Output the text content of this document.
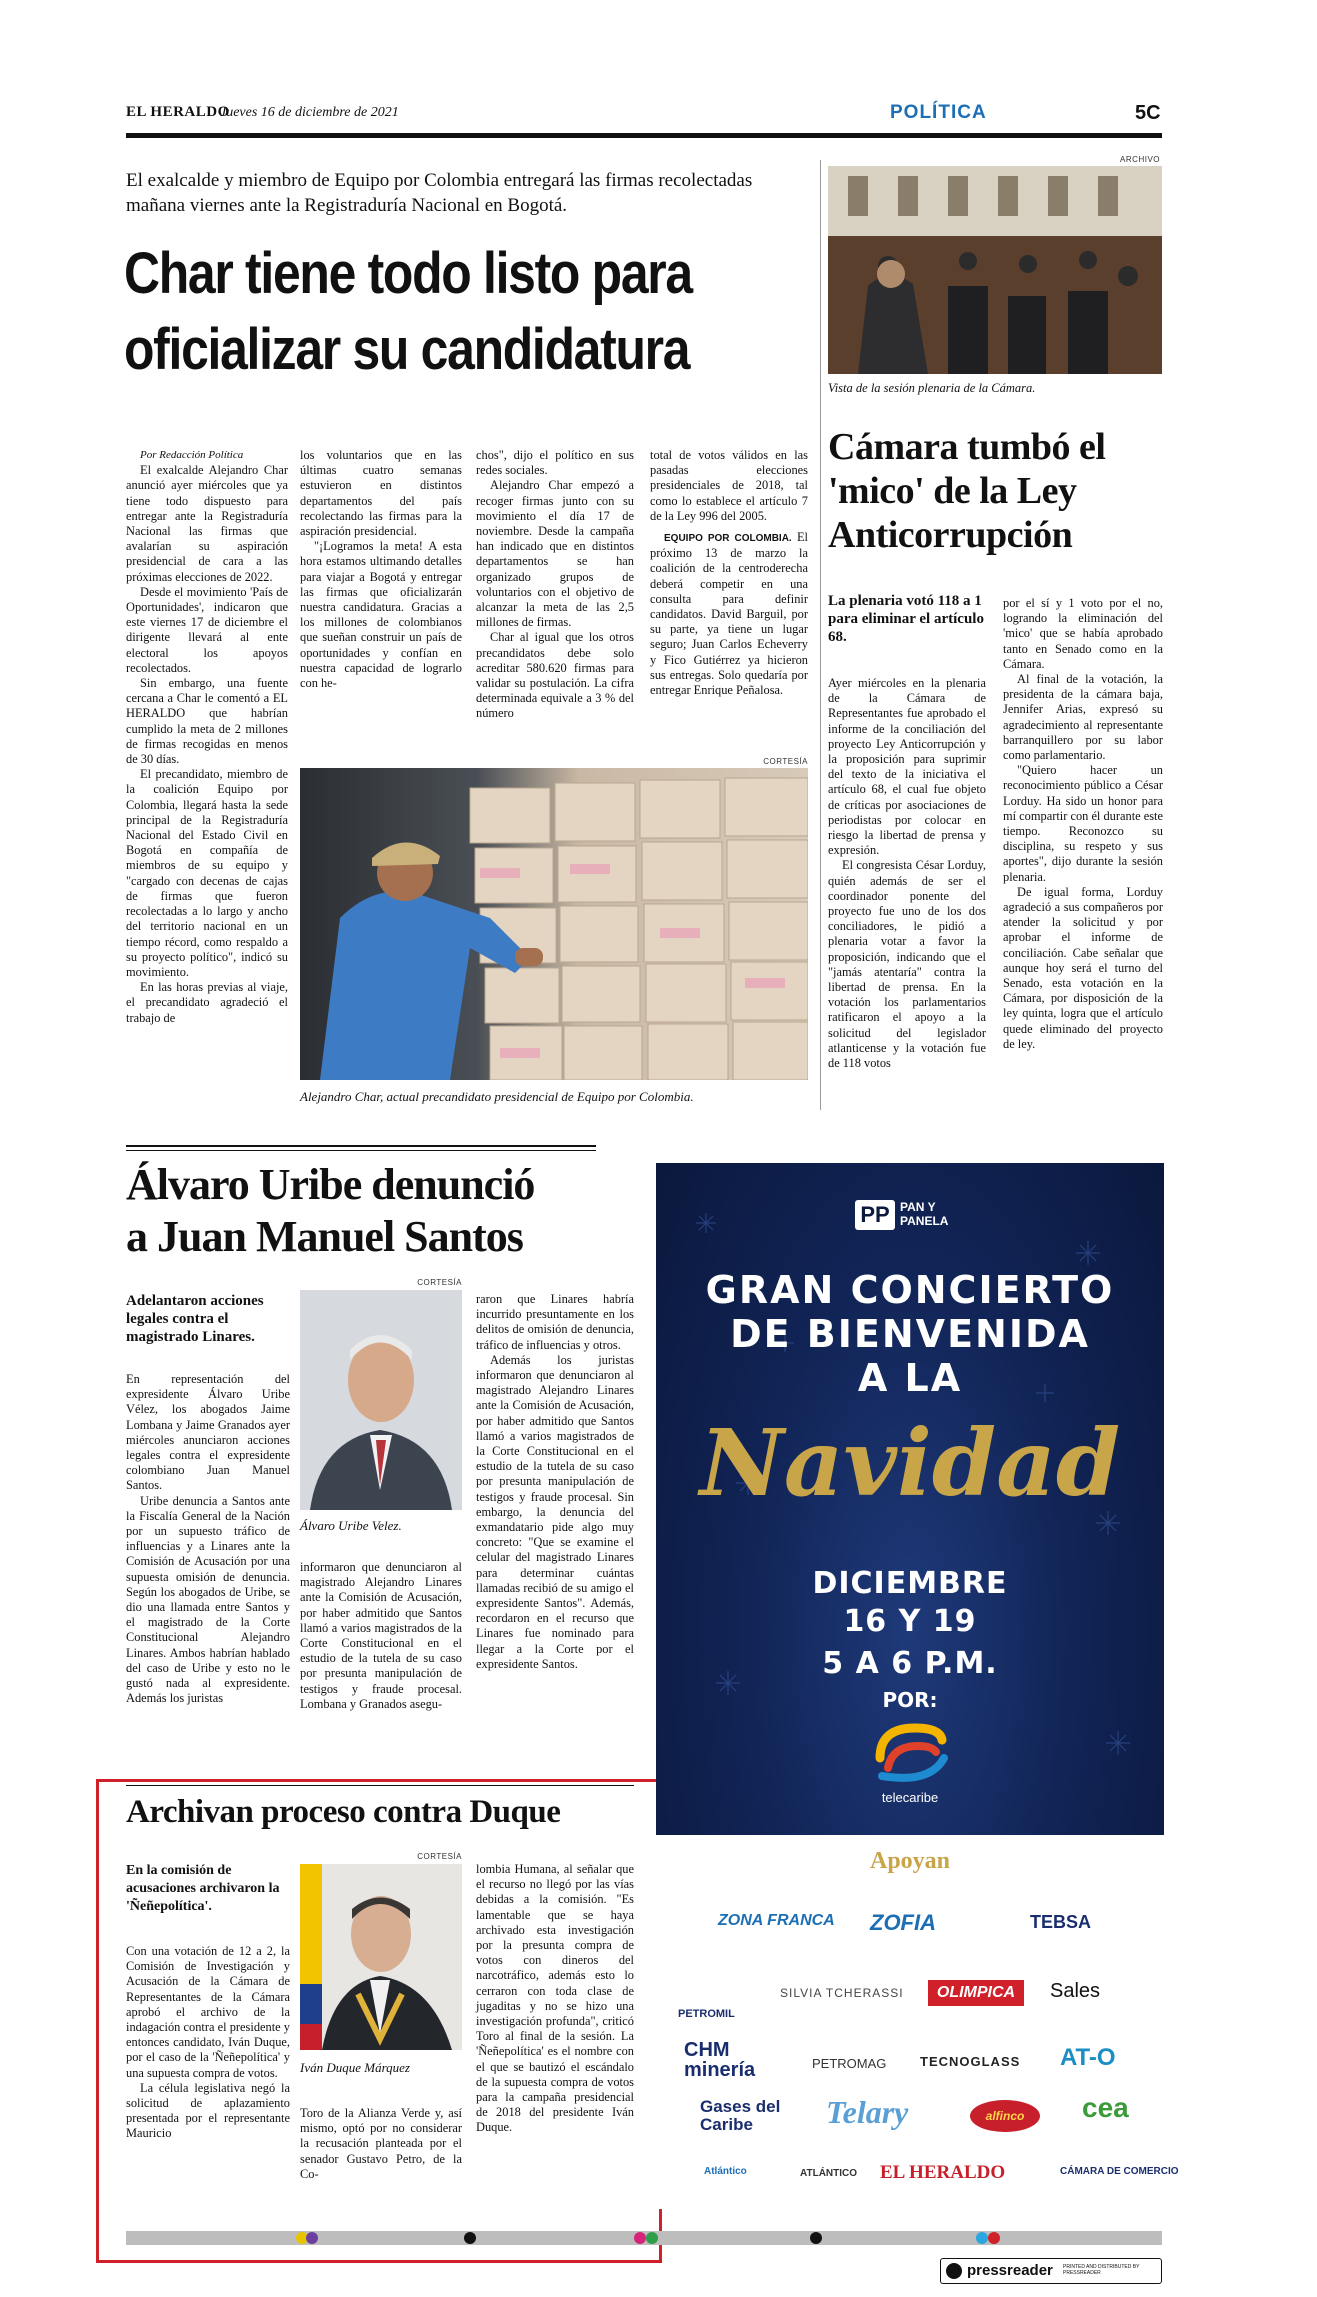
EL HERALDO
Jueves 16 de diciembre de 2021	POLÍTICA	5C
El exalcalde y miembro de Equipo por Colombia entregará las firmas recolectadas mañana viernes ante la Registraduría Nacional en Bogotá.
Char tiene todo listo para
oficializar su candidatura

Por Redacción Política

El exalcalde Alejandro Char anunció ayer miércoles que ya tiene todo dispuesto para entregar ante la Registraduría Nacional las firmas que avalarían su aspiración presidencial de cara a las próximas elecciones de 2022.

Desde el movimiento 'País de Oportunidades', indicaron que este viernes 17 de diciembre el dirigente llevará al ente electoral los apoyos recolectados.

Sin embargo, una fuente cercana a Char le comentó a EL HERALDO que habrían cumplido la meta de 2 millones de firmas recogidas en menos de 30 días.

El precandidato, miembro de la coalición Equipo por Colombia, llegará hasta la sede principal de la Registraduría Nacional del Estado Civil en Bogotá en compañía de miembros de su equipo y "cargado con decenas de cajas de firmas que fueron recolectadas a lo largo y ancho del territorio nacional en un tiempo récord, como respaldo a su proyecto político", indicó su movimiento.

En las horas previas al viaje, el precandidato agradeció el trabajo de

los voluntarios que en las últimas cuatro semanas estuvieron en distintos departamentos del país recolectando las firmas para la aspiración presidencial.

"¡Logramos la meta! A esta hora estamos ultimando detalles para viajar a Bogotá y entregar las firmas que oficializarán nuestra candidatura. Gracias a los millones de colombianos que sueñan construir un país de oportunidades y confían en nuestra capacidad de lograrlo con he-

chos", dijo el político en sus redes sociales.

Alejandro Char empezó a recoger firmas junto con su movimiento el día 17 de noviembre. Desde la campaña han indicado que en distintos departamentos se han organizado grupos de voluntarios con el objetivo de alcanzar la meta de las 2,5 millones de firmas.

Char al igual que los otros precandidatos debe solo acreditar 580.620 firmas para validar su postulación. La cifra determinada equivale a 3 % del número

total de votos válidos en las pasadas elecciones presidenciales de 2018, tal como lo establece el artículo 7 de la Ley 996 del 2005.

EQUIPO POR COLOMBIA. El próximo 13 de marzo la coalición de la centroderecha deberá competir en una consulta para definir candidatos. David Barguil, por su parte, ya tiene un lugar seguro; Juan Carlos Echeverry y Fico Gutiérrez ya hicieron sus entregas. Solo quedaría por entregar Enrique Peñalosa.

CORTESÍA
Alejandro Char, actual precandidato presidencial de Equipo por Colombia.
ARCHIVO
Vista de la sesión plenaria de la Cámara.
Cámara tumbó el
'mico' de la Ley
Anticorrupción
La plenaria votó 118 a 1 para eliminar el artículo 68.

Ayer miércoles en la plenaria de la Cámara de Representantes fue aprobado el informe de la conciliación del proyecto Ley Anticorrupción y la proposición para suprimir del texto de la iniciativa el artículo 68, el cual fue objeto de críticas por asociaciones de periodistas por colocar en riesgo la libertad de prensa y expresión.

El congresista César Lorduy, quién además de ser el coordinador ponente del proyecto fue uno de los dos conciliadores, le pidió a plenaria votar a favor la proposición, indicando que el "jamás atentaría" contra la libertad de prensa. En la votación los parlamentarios ratificaron el apoyo a la solicitud del legislador atlanticense y la votación fue de 118 votos

por el sí y 1 voto por el no, logrando la eliminación del 'mico' que se había aprobado tanto en Senado como en la Cámara.

Al final de la votación, la presidenta de la cámara baja, Jennifer Arias, expresó su agradecimiento al representante barranquillero por su labor como parlamentario.

"Quiero hacer un reconocimiento público a César Lorduy. Ha sido un honor para mí compartir con él durante este tiempo. Reconozco su disciplina, su respeto y sus aportes", dijo durante la sesión plenaria.

De igual forma, Lorduy agradeció a sus compañeros por atender la solicitud y por aprobar el informe de conciliación. Cabe señalar que aunque hoy será el turno del Senado, esta votación en la Cámara, por disposición de la ley quinta, logra que el artículo quede eliminado del proyecto de ley.

Álvaro Uribe denunció
a Juan Manuel Santos
Adelantaron acciones legales contra el magistrado Linares.

En representación del expresidente Álvaro Uribe Vélez, los abogados Jaime Lombana y Jaime Granados ayer miércoles anunciaron acciones legales contra el expresidente colombiano Juan Manuel Santos.

Uribe denuncia a Santos ante la Fiscalía General de la Nación por un supuesto tráfico de influencias y a Linares ante la Comisión de Acusación por una supuesta omisión de denuncia. Según los abogados de Uribe, se dio una llamada entre Santos y el magistrado de la Corte Constitucional Alejandro Linares. Ambos habrían hablado del caso de Uribe y esto no le gustó nada al expresidente. Además los juristas

CORTESÍA
Álvaro Uribe Velez.

informaron que denunciaron al magistrado Alejandro Linares ante la Comisión de Acusación, por haber admitido que Santos llamó a varios magistrados de la Corte Constitucional en el estudio de la tutela de su caso por presunta manipulación de testigos y fraude procesal. Lombana y Granados asegu-

raron que Linares habría incurrido presuntamente en los delitos de omisión de denuncia, tráfico de influencias y otros.

Además los juristas informaron que denunciaron al magistrado Alejandro Linares ante la Comisión de Acusación, por haber admitido que Santos llamó a varios magistrados de la Corte Constitucional en el estudio de la tutela de su caso por presunta manipulación de testigos y fraude procesal. Sin embargo, la denuncia del exmandatario pide algo muy concreto: "Que se examine el celular del magistrado Linares para determinar cuántas llamadas recibió de su amigo el expresidente Santos". Además, recordaron en el recurso que Linares fue nominado para llegar a la Corte por el expresidente Santos.

Archivan proceso contra Duque
En la comisión de acusaciones archivaron la 'Ñeñepolítica'.

Con una votación de 12 a 2, la Comisión de Investigación y Acusación de la Cámara de Representantes de la Cámara aprobó el archivo de la indagación contra el presidente y entonces candidato, Iván Duque, por el caso de la 'Ñeñepolítica' y una supuesta compra de votos.

La célula legislativa negó la solicitud de aplazamiento presentada por el representante Mauricio

CORTESÍA
Iván Duque Márquez

Toro de la Alianza Verde y, así mismo, optó por no considerar la recusación planteada por el senador Gustavo Petro, de la Co-

lombia Humana, al señalar que el recurso no llegó por las vías debidas a la comisión. "Es lamentable que se haya archivado esta investigación por la presunta compra de votos con dineros del narcotráfico, además esto lo cerraron con toda clase de jugaditas y no se hizo una investigación profunda", criticó Toro al final de la sesión. La 'Ñeñepolítica' es el nombre con el que se bautizó el escándalo de la supuesta compra de votos para la campaña presidencial de 2018 del presidente Iván Duque.

PP PAN Y
PANELA
GRAN CONCIERTO
DE BIENVENIDA
A LA
Navidad
DICIEMBRE
16 Y 19
5 A 6 P.M.
POR:
telecaribe
Apoyan
ZONA FRANCA ZOFIA	TEBSA
PETROMIL
SILVIA TCHERASSI	OLIMPICA	Sales
CHM minería	PETROMAG	TECNOGLASS AT-O
Gases del Caribe	Telary	alfinco	cea
Atlántico	ATLÁNTICO EL HERALDO	CÁMARA DE COMERCIO
pressreader PRINTED AND DISTRIBUTED BY PRESSREADER
